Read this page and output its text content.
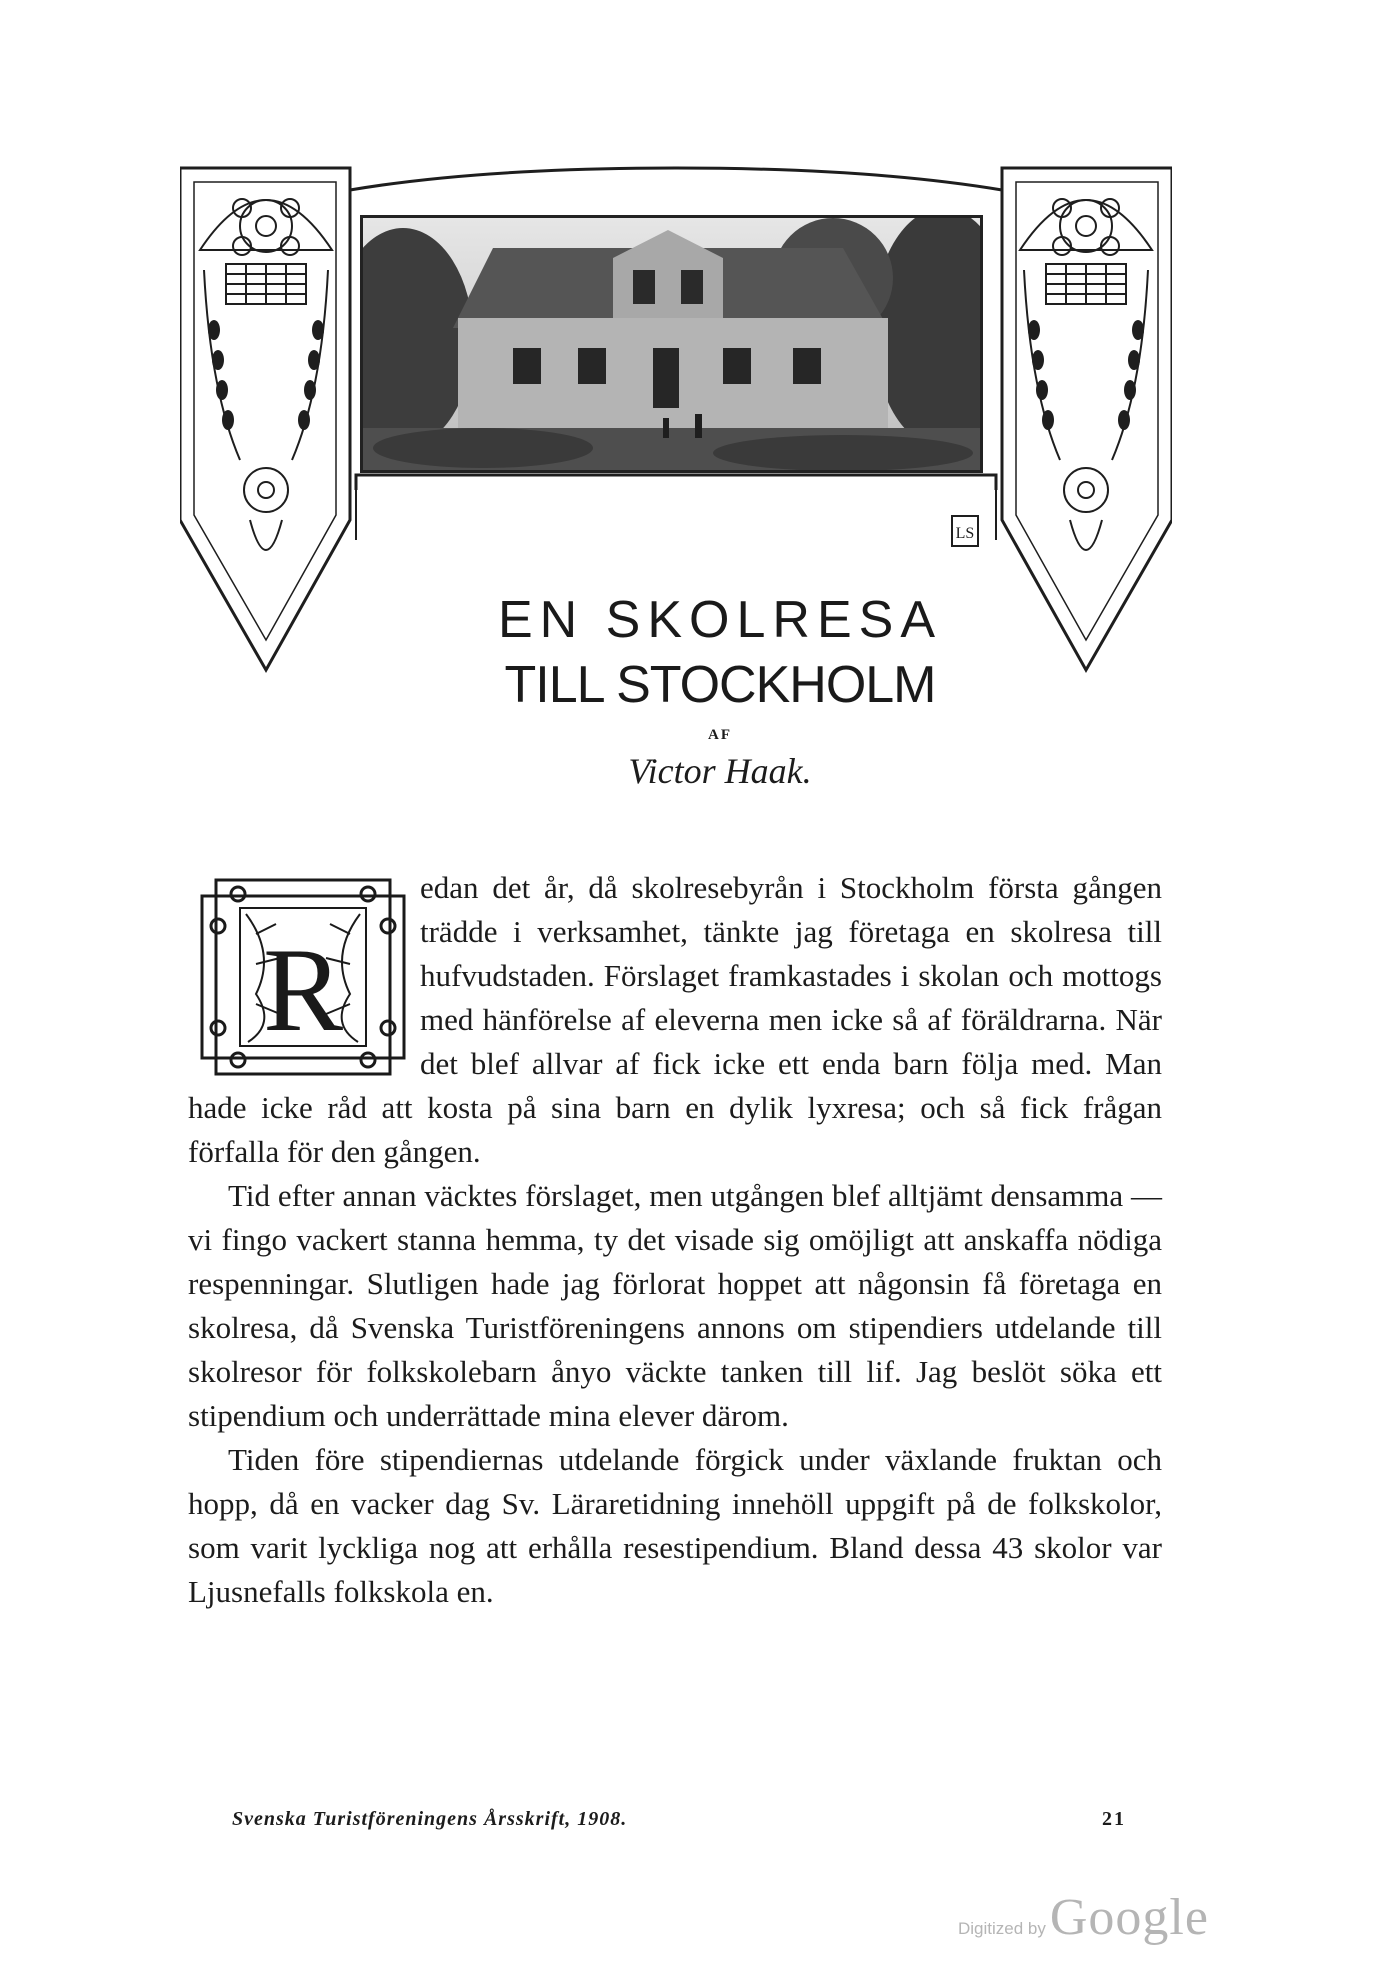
LS
EN SKOLRESA
TILL STOCKHOLM
AF
Victor Haak.
R

edan det år, då skolresebyrån i Stockholm första gången trädde i verksamhet, tänkte jag företaga en skolresa till hufvudstaden. Förslaget framkastades i skolan och mottogs med hänförelse af eleverna men icke så af föräldrarna. När det blef allvar af fick icke ett enda barn följa med. Man hade icke råd att kosta på sina barn en dylik lyxresa; och så fick frågan förfalla för den gången.

Tid efter annan väcktes förslaget, men utgången blef alltjämt densamma — vi fingo vackert stanna hemma, ty det visade sig omöjligt att anskaffa nödiga respenningar. Slutligen hade jag förlorat hoppet att någonsin få företaga en skolresa, då Svenska Turistföreningens annons om stipendiers utdelande till skolresor för folkskolebarn ånyo väckte tanken till lif. Jag beslöt söka ett stipendium och underrättade mina elever därom.

Tiden före stipendiernas utdelande förgick under växlande fruktan och hopp, då en vacker dag Sv. Läraretidning innehöll uppgift på de folkskolor, som varit lyckliga nog att erhålla resestipendium. Bland dessa 43 skolor var Ljusnefalls folkskola en.

Svenska Turistföreningens Årsskrift, 1908.	21
Digitized by Google
